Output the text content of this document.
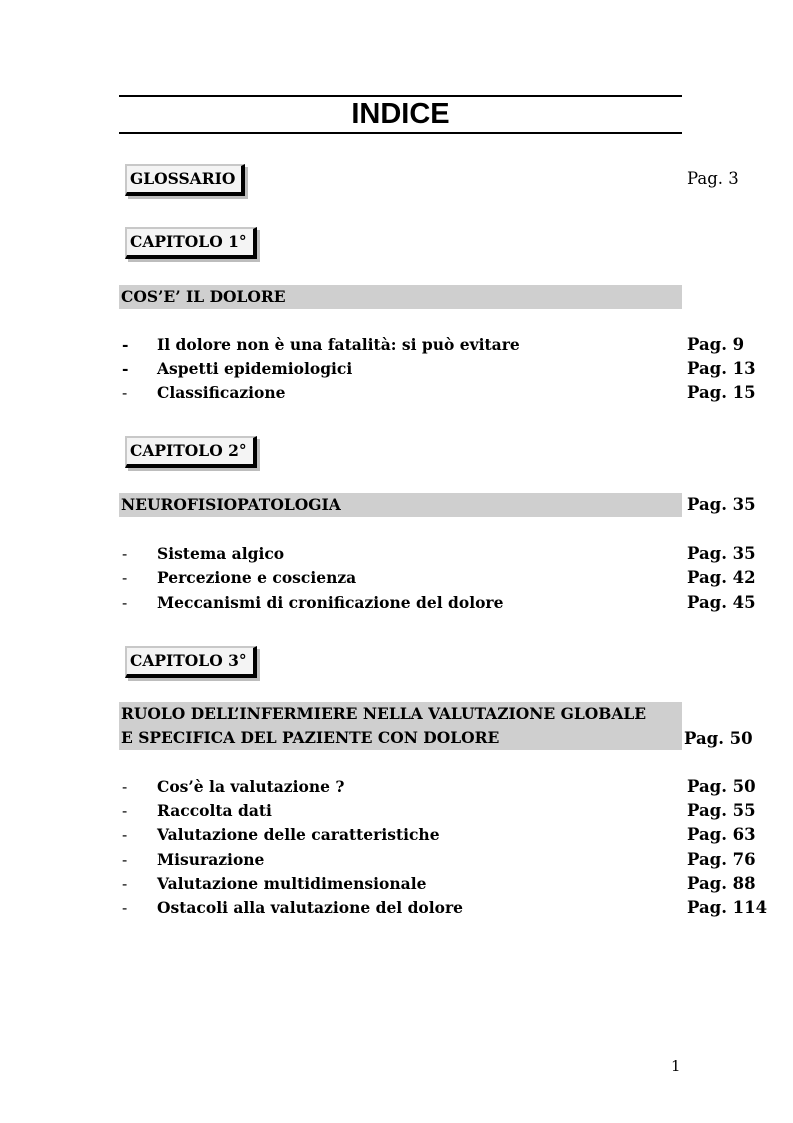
INDICE
GLOSSARIO	Pag. 3
CAPITOLO 1°
COS’E’ IL DOLORE
- Il dolore non è una fatalità: si può evitare	Pag. 9
- Aspetti epidemiologici	Pag. 13
- Classificazione	Pag. 15
CAPITOLO 2°
NEUROFISIOPATOLOGIA	Pag. 35
- Sistema algico	Pag. 35
- Percezione e coscienza	Pag. 42
- Meccanismi di cronificazione del dolore	Pag. 45
CAPITOLO 3°
RUOLO DELL’INFERMIERE NELLA VALUTAZIONE GLOBALE
E SPECIFICA DEL PAZIENTE CON DOLORE	Pag. 50
- Cos’è la valutazione ?	Pag. 50
- Raccolta dati	Pag. 55
- Valutazione delle caratteristiche	Pag. 63
- Misurazione	Pag. 76
- Valutazione multidimensionale	Pag. 88
- Ostacoli alla valutazione del dolore	Pag. 114
1
